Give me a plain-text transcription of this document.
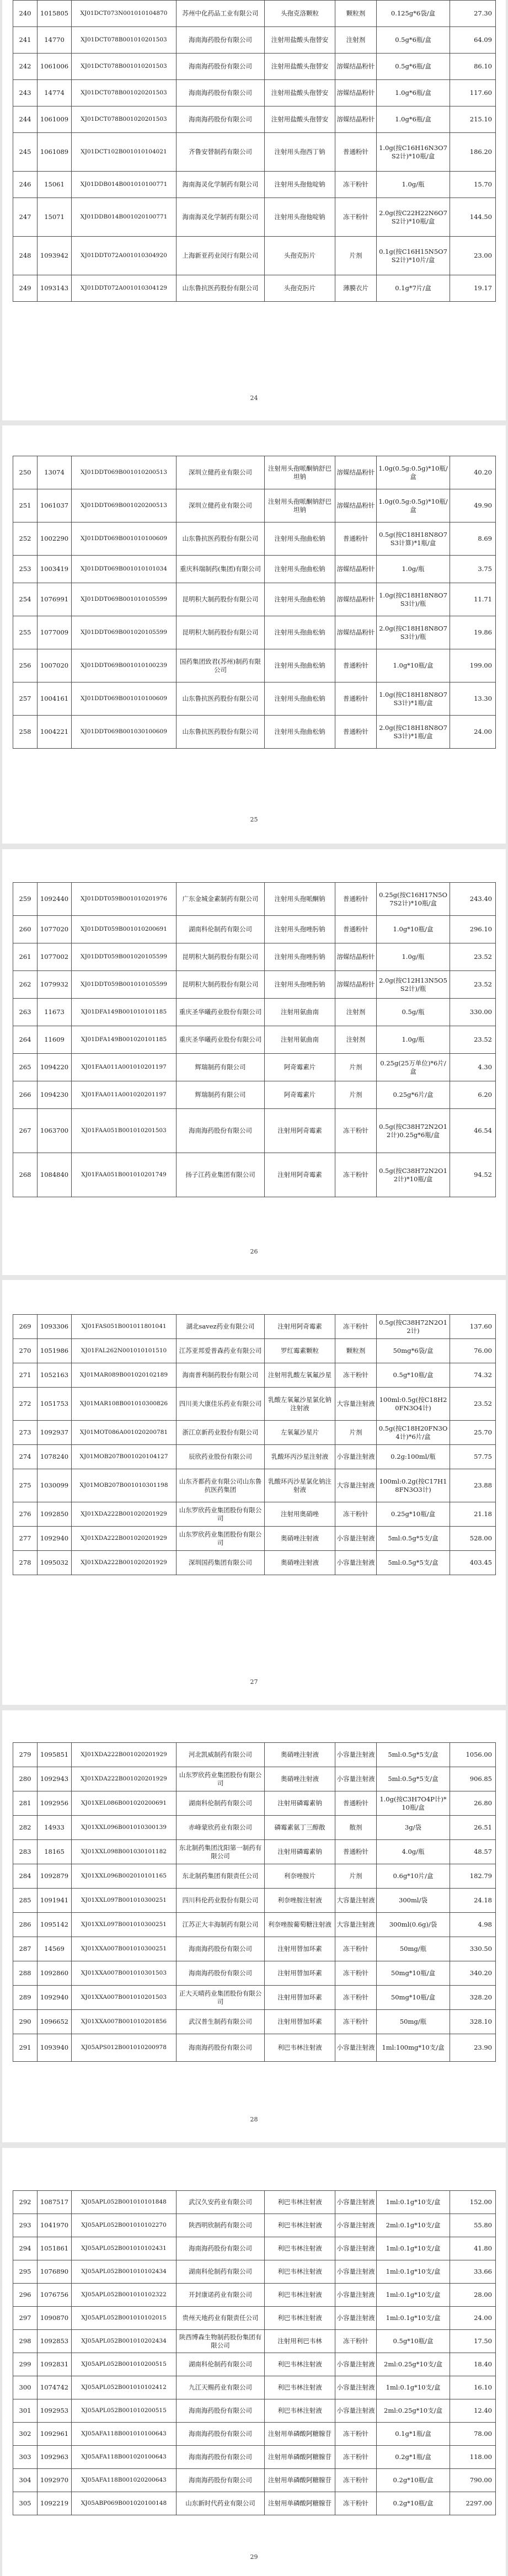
240	1015805	XJ01DCT073N001010104870	苏州中化药品工业有限公司	头孢克洛颗粒	颗粒剂	0.125g*6袋/盒	27.30
241	14770	XJ01DCT078B001010201503	海南海药股份有限公司	注射用盐酸头孢替安	注射剂	0.5g*6瓶/盒	64.09
242	1061006	XJ01DCT078B001010201503	海南海药股份有限公司	注射用盐酸头孢替安	溶媒结晶粉针	0.5g*6瓶/盒	86.10
243	14774	XJ01DCT078B001020201503	海南海药股份有限公司	注射用盐酸头孢替安	溶媒结晶粉针	1.0g*6瓶/盒	117.60
244	1061009	XJ01DCT078B001020201503	海南海药股份有限公司	注射用盐酸头孢替安	溶媒结晶粉针	1.0g*6瓶/盒	215.10
245	1061089	XJ01DCT102B001010104021	齐鲁安替制药有限公司	注射用头孢西丁钠	普通粉针	1.0g(按C16H16N3O7S2计)*10瓶/盒	186.20
246	15061	XJ01DDB014B001010100771	海南海灵化学制药有限公司	注射用头孢他啶钠	冻干粉针	1.0g/瓶	15.70
247	15071	XJ01DDB014B001020100771	海南海灵化学制药有限公司	注射用头孢他啶钠	冻干粉针	2.0g(按C22H22N6O7S2计)*10瓶/盒	144.50
248	1093942	XJ01DDT072A001010304920	上海新亚药业闵行有限公司	头孢克肟片	片剂	0.1g(按C16H15N5O7S2计)*10片/盒	23.00
249	1093143	XJ01DDT072A001010304129	山东鲁抗医药股份有限公司	头孢克肟片	薄膜衣片	0.1g*7片/盒	19.17
24
250	13074	XJ01DDT069B001010200513	深圳立健药业有限公司	注射用头孢哌酮钠舒巴坦钠	溶媒结晶粉针	1.0g(0.5g:0.5g)*10瓶/盒	40.20
251	1061037	XJ01DDT069B001020200513	深圳立健药业有限公司	注射用头孢哌酮钠舒巴坦钠	溶媒结晶粉针	1.0g(0.5g:0.5g)*10瓶/盒	49.90
252	1002290	XJ01DDT069B001010100609	山东鲁抗医药股份有限公司	注射用头孢曲松钠	普通粉针	0.5g(按C18H18N8O7S3计算)*1瓶/盒	8.69
253	1003419	XJ01DDT069B001010101034	重庆科瑞制药(集团)有限公司	注射用头孢曲松钠	溶媒结晶粉针	1.0g/瓶	3.75
254	1076991	XJ01DDT069B001010105599	昆明积大制药股份有限公司	注射用头孢曲松钠	溶媒结晶粉针	1.0g(按C18H18N8O7S3计)/瓶	11.71
255	1077009	XJ01DDT069B001020105599	昆明积大制药股份有限公司	注射用头孢曲松钠	溶媒结晶粉针	2.0g(按C18H18N8O7S3计)/瓶	19.86
256	1007020	XJ01DDT069B001010100239	国药集团致君(苏州)制药有限公司	注射用头孢曲松钠	普通粉针	1.0g*10瓶/盒	199.00
257	1004161	XJ01DDT069B001010100609	山东鲁抗医药股份有限公司	注射用头孢曲松钠	普通粉针	1.0g(按C18H18N8O7S3计)*1瓶/盒	13.30
258	1004221	XJ01DDT069B001030100609	山东鲁抗医药股份有限公司	注射用头孢曲松钠	普通粉针	2.0g(按C18H18N8O7S3计)*1瓶/盒	24.00
25
259	1092440	XJ01DDT059B001010201976	广东金城金素制药有限公司	注射用头孢哌酮钠	普通粉针	0.25g(按C16H17N5O7S2计)*10瓶/盒	243.40
260	1077020	XJ01DDT059B001010200691	湖南科伦制药有限公司	注射用头孢唑肟钠	普通粉针	1.0g*10瓶/盒	296.10
261	1077002	XJ01DDT059B001020105599	昆明积大制药股份有限公司	注射用头孢唑肟钠	溶媒结晶粉针	1.0g/瓶	23.52
262	1079932	XJ01DDT059B001010105599	昆明积大制药股份有限公司	注射用头孢唑肟钠	溶媒结晶粉针	2.0g(按C12H13N5O5S2计)/瓶	23.52
263	11673	XJ01DFA149B001010101185	重庆圣华曦药业股份有限公司	注射用氨曲南	注射剂	0.5g/瓶	330.00
264	11609	XJ01DFA149B001020101185	重庆圣华曦药业股份有限公司	注射用氨曲南	注射剂	1.0g/瓶	23.52
265	1094220	XJ01FAA011A001010201197	辉瑞制药有限公司	阿奇霉素片	片剂	0.25g(25万单位)*6片/盒	4.30
266	1094230	XJ01FAA011A001020201197	辉瑞制药有限公司	阿奇霉素片	片剂	0.25g*6片/盒	6.20
267	1063700	XJ01FAA051B001010201503	海南海药股份有限公司	注射用阿奇霉素	冻干粉针	0.5g(按C38H72N2O12计)0.25g*6瓶/盒	46.54
268	1084840	XJ01FAA051B001010201749	扬子江药业集团有限公司	注射用阿奇霉素	冻干粉针	0.5g(按C38H72N2O12计)*10瓶/盒	94.52
26
269	1093306	XJ01FAS051B001011801041	湖北savez药业有限公司	注射用阿奇霉素	冻干粉针	0.5g(按C38H72N2O12计)	137.60
270	1051986	XJ01FAL262N001010101510	江苏亚邦爱普森药业有限公司	罗红霉素颗粒	颗粒剂	50mg*6袋/盒	76.00
271	1052163	XJ01MAR089B001020102189	海南普利制药股份有限公司	注射用乳酸左氧氟沙星	冻干粉针	0.5g*10瓶/盒	74.32
272	1051753	XJ01MAR108B001010300826	四川美大康佳乐药业有限公司	乳酸左氧氟沙星氯化钠注射液	大容量注射液	100ml:0.5g(按C18H20FN3O4计)	23.52
273	1092937	XJ01MOT086A001020200781	浙江京新药业股份有限公司	左氧氟沙星片	片剂	0.5g(按C18H20FN3O4计)*6片/盒	25.70
274	1078240	XJ01MOB207B001020104127	辰欣药业股份有限公司	乳酸环丙沙星注射液	小容量注射液	0.2g:100ml/瓶	57.75
275	1030099	XJ01MOB207B001010301198	山东齐都药业有限公司山东鲁抗医药集团	乳酸环丙沙星氯化钠注射液	大容量注射液	100ml:0.2g(按C17H18FN3O3计)	23.88
276	1092850	XJ01XDA222B001020201929	山东罗欣药业集团股份有限公司	注射用奥硝唑	冻干粉针	0.25g*10瓶/盒	21.18
277	1092940	XJ01XDA222B001020201929	山东罗欣药业集团股份有限公司	奥硝唑注射液	小容量注射液	5ml:0.5g*5支/盒	528.00
278	1095032	XJ01XDA222B001020201929	深圳国药集团有限公司	奥硝唑注射液	小容量注射液	5ml:0.5g*5支/盒	403.45
27
279	1095851	XJ01XDA222B001020201929	河北凯威制药有限公司	奥硝唑注射液	小容量注射液	5ml:0.5g*5支/盒	1056.00
280	1092943	XJ01XDA222B001020201929	山东罗欣药业集团股份有限公司	奥硝唑注射液	小容量注射液	5ml:0.5g*5支/盒	906.85
281	1092956	XJ01XEL086B001020200691	湖南科伦制药有限公司	注射用磷霉素钠	普通粉针	1.0g(按C3H7O4P计)*10瓶/盒	26.80
282	14933	XJ01XXL096B001010300139	赤峰蒙欣药业有限公司	磷霉素氨丁三醇散	散剂	3g/袋	26.51
283	18165	XJ01XXL098B001030101182	东北制药集团沈阳第一制药有限公司	注射用磷霉素钠	普通粉针	4.0g/瓶	48.57
284	1092879	XJ01XXL096B002010101165	东北制药集团有限责任公司	利奈唑胺片	片剂	0.6g*10片/盒	182.79
285	1091941	XJ01XXL097B001010300251	四川科伦药业股份有限公司	利奈唑胺注射液	大容量注射液	300ml/袋	24.18
286	1095142	XJ01XXL097B001010300251	江苏正大丰海制药有限公司	利奈唑胺葡萄糖注射液	大容量注射液	300ml(0.6g)/袋	4.98
287	14569	XJ01XXA007B001010300251	海南海药股份有限公司	注射用替加环素	冻干粉针	50mg/瓶	330.50
288	1092860	XJ01XXA007B001010301503	海南海药股份有限公司	注射用替加环素	冻干粉针	50mg*10瓶/盒	340.20
289	1092940	XJ01XXA007B001010201503	正大天晴药业集团股份有限公司	注射用替加环素	冻干粉针	50mg*10瓶/盒	328.20
290	1096652	XJ01XXA007B001010201856	武汉普生制药有限公司	注射用替加环素	冻干粉针	50mg/瓶	328.10
291	1093940	XJ05APS012B001010200978	海南海药股份有限公司	利巴韦林注射液	小容量注射液	1ml:100mg*10支/盒	23.90
28
292	1087517	XJ05APL052B001010101848	武汉久安药业有限公司	利巴韦林注射液	小容量注射液	1ml:0.1g*10支/盒	152.00
293	1041970	XJ05APL052B001010102270	陕西明欣制药有限公司	利巴韦林注射液	小容量注射液	2ml:0.1g*10支/盒	55.80
294	1051861	XJ05APL052B001010102431	海南海药股份有限公司	利巴韦林注射液	小容量注射液	1ml:0.1g*10支/盒	41.80
295	1076890	XJ05APL052B001010102434	湖南科伦制药有限公司	利巴韦林注射液	小容量注射液	1ml:0.1g*10支/盒	33.66
296	1076756	XJ05APL052B001010102322	开封康诺药业有限公司	利巴韦林注射液	小容量注射液	1ml:0.1g*10支/盒	28.00
297	1090870	XJ05APL052B001010102015	贵州天地药业有限责任公司	利巴韦林注射液	小容量注射液	1ml:0.1g*10支/盒	24.00
298	1092853	XJ05APL052B001010202434	陕西博森生物制药股份集团有限公司	注射用利巴韦林	冻干粉针	0.5g*10瓶/盒	17.50
299	1092831	XJ05APL052B001010200515	湖南科伦制药有限公司	利巴韦林注射液	小容量注射液	2ml:0.25g*10支/盒	18.40
300	1074742	XJ05APL052B001010102412	九江天赐药业有限公司	利巴韦林注射液	小容量注射液	1ml:0.1g*10支/盒	16.10
301	1092953	XJ05APL052B001010200515	海南海药股份有限公司	利巴韦林注射液	小容量注射液	2ml:0.25g*10支/盒	12.40
302	1092961	XJ05AFA118B001010100643	海南海药股份有限公司	注射用单磷酸阿糖腺苷	冻干粉针	0.1g*1瓶/盒	78.00
303	1092963	XJ05AFA118B001020100643	海南海药股份有限公司	注射用单磷酸阿糖腺苷	冻干粉针	0.2g*1瓶/盒	118.00
304	1092970	XJ05AFA118B001020200643	海南海药股份有限公司	注射用单磷酸阿糖腺苷	冻干粉针	0.2g*10瓶/盒	790.00
305	1092219	XJ05ABP069B001020100148	山东新时代药业有限公司	注射用单磷酸阿糖腺苷	冻干粉针	0.2g*10瓶/盒	2297.00
29
